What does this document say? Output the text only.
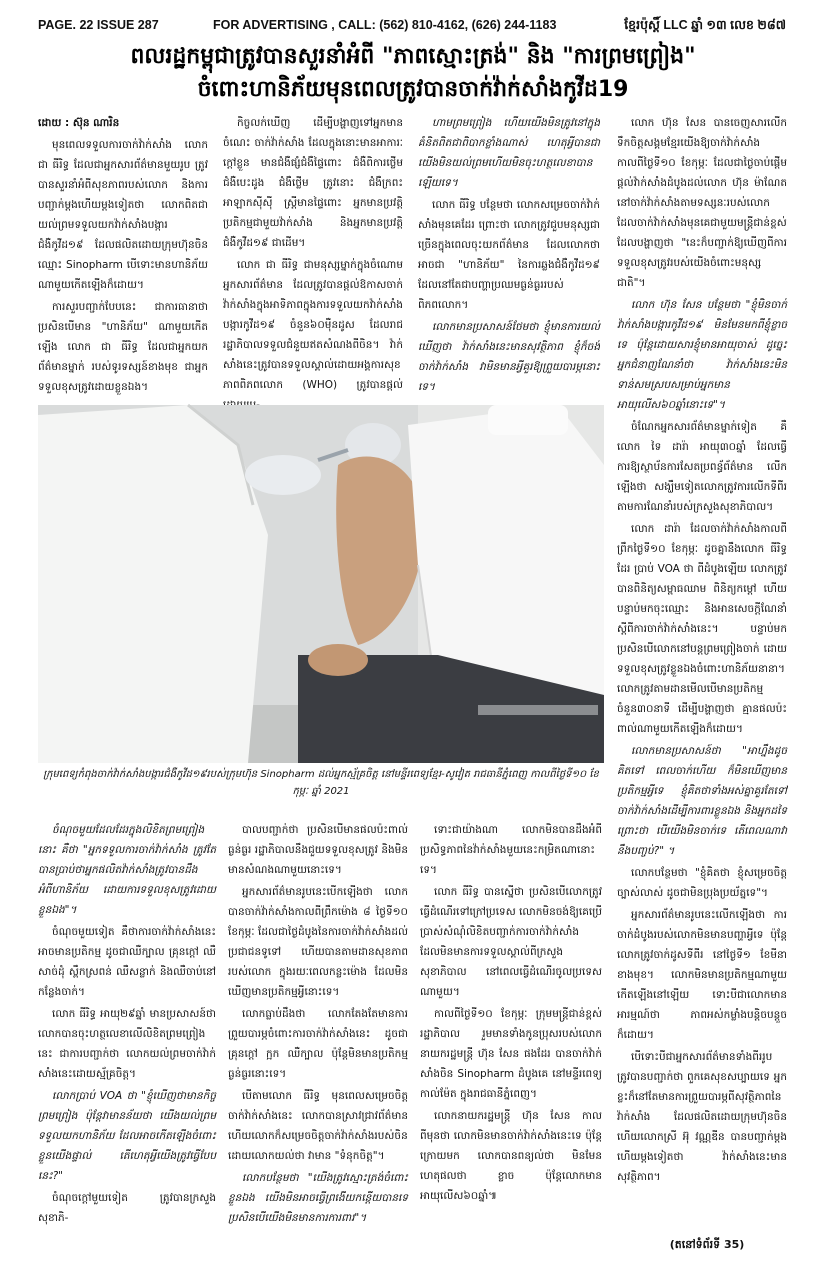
PAGE. 22 ISSUE 287	FOR ADVERTISING , CALL: (562) 810-4162, (626) 244-1183	ខ្មែរប៉ុស្ដិ៍ LLC ឆ្នាំ ១៣ លេខ ២៨៧
ពលរដ្ឋកម្ពុជាត្រូវបានសួរនាំអំពី "ភាពស្មោះត្រង់" និង "ការព្រមព្រៀង"
ចំពោះហានិភ័យមុនពេលត្រូវបានចាក់វ៉ាក់សាំងកូវីដ19

ដោយ : ស៊ុន ណារិន

មុនពេលទទួលការចាក់វ៉ាក់សាំង លោក ជា ធីរិទ្ធ ដែលជាអ្នកសារព័ត៌មានមួយរូប ត្រូវបានសួរនាំអំពីសុខភាពរបស់លោក និងការបញ្ជាក់ម្តងហើយម្តងទៀតថា លោកពិតជាយល់ព្រមទទួលយកវ៉ាក់សាំងបង្ការជំងឺកូវីដ១៩ ដែលផលិតដោយក្រុមហ៊ុនចិនឈ្មោះ Sinopharm បើទោះមានហានិភ័យណាមួយកើតឡើងក៏ដោយ។

ការសួរបញ្ជាក់បែបនេះ ជាការធានាថា ប្រសិនបើមាន "ហានិភ័យ" ណាមួយកើតឡើង លោក ជា ធីរិទ្ធ ដែលជាអ្នកយកព័ត៌មានម្នាក់ របស់ទូរទស្សន៍ខាងមុខ ជាអ្នកទទួលខុសត្រូវដោយខ្លួនឯង។

កិច្ចលក់ឃើញ ដើម្បីបង្ហាញទៅអ្នកមានចំណេះ ចាក់វ៉ាក់សាំង ដែលក្នុងនោះមានអាការៈក្តៅខ្លួន មានជំងឺផ្សំជំងឺផ្ទៃពោះ ជំងឺពិការថ្លើម ជំងឺបេះដូង ជំងឺថ្លើម ត្រូវនោះ ជំងឺក្រពះ អាឡាកសុីស៊ី ស្ត្រីមានផ្ទៃពោះ អ្នកមានប្រវត្តិប្រតិកម្មជាមួយវ៉ាក់សាំង និងអ្នកមានប្រវត្តិជំងឺកូវីដ១៩ ជាដើម។

លោក ជា ធីរិទ្ធ ជាមនុស្សម្នាក់ក្នុងចំណោមអ្នកសារព័ត៌មាន ដែលត្រូវបានផ្តល់ឱកាសចាក់វ៉ាក់សាំងក្នុងអាទិភាពក្នុងការទទួលយកវ៉ាក់សាំងបង្ការកូវីដ១៩ ចំនួន៦០ម៉ឺនដូស ដែលរាជរដ្ឋាភិបាលទទួលជំនួយឥតសំណងពីចិន។ វ៉ាក់សាំងនេះត្រូវបានទទួលស្គាល់ដោយអង្គការសុខភាពពិភពលោក (WHO) ត្រូវបានផ្តល់

ហាមព្រមព្រៀង ហើយយើងមិនត្រូវនៅក្នុងគំនិតពិតជាពិបាកខ្លាំងណាស់ ហេតុអ្វីបានជាយើងមិនយល់ព្រមហើយមិនចុះហត្ថលេខាបានឡើយទេ។

លោក ធីរិទ្ធ បន្ថែមថា លោកសម្រេចចាក់វ៉ាក់សាំងមុនគេដែរ ព្រោះថា លោកត្រូវជួបមនុស្សជាច្រើនក្នុងពេលចុះយកព័ត៌មាន ដែលលោកថា អាចជា "ហានិភ័យ" នៃការឆ្លងជំងឺកូវីដ១៩ ដែលនៅតែជាបញ្ហាប្រឈមធ្ងន់ធ្ងររបស់ពិភពលោក។

លោកមានប្រសាសន៍ថែមថា ខ្ញុំមានការយល់ឃើញថា វ៉ាក់សាំងនេះមានសុវត្ថិភាព ខ្ញុំក៏ចង់ចាក់វ៉ាក់សាំង វាមិនមានអ្វីគួរឱ្យព្រួយបារម្ភនោះទេ។

លោក ហ៊ុន សែន បានចេញសារលើកទឹកចិត្តសង្គមខ្មែរយើងឱ្យចាក់វ៉ាក់សាំង កាលពីថ្ងៃទី១០ ខែកុម្ភៈ ដែលជាថ្ងៃចាប់ផ្តើមផ្តល់វ៉ាក់សាំងដំបូងដល់លោក ហ៊ុន ម៉ាណែត នៅចាក់វ៉ាក់សាំងតាមទស្សនៈរបស់លោកដែលចាក់វ៉ាក់សាំងមុនគេជាមួយមន្ត្រីជាន់ខ្ពស់ ដែលបង្ហាញថា "នេះក៏បញ្ជាក់ឱ្យឃើញពីការទទួលខុសត្រូវរបស់យើងចំពោះមនុស្សជាតិ"។

លោក ហ៊ុន សែន បន្ថែមថា "ខ្ញុំមិនចាក់វ៉ាក់សាំងបង្ការកូវីដ១៩ មិនមែនមកពីខ្ញុំខ្លាចទេ ប៉ុន្តែដោយសារខ្ញុំមានអាយុចាស់ ដូច្នេះអ្នកជំនាញណែនាំថា វ៉ាក់សាំងនេះមិនទាន់សមស្របសម្រាប់អ្នកមានអាយុលើស៦០ឆ្នាំនោះទេ"។

ចំណែកអ្នកសារព័ត៌មានម្នាក់ទៀត គឺលោក ទៃ ដារ៉ា អាយុ៣០ឆ្នាំ ដែលធ្វើការឱ្យស្ថាប័នការសែតប្រពន្ធ័ព័ត៌មាន លើកឡើងថា សង្ឃឹមទៀតលោកត្រូវការលើកទីពីរ តាមការណែនាំរបស់ក្រសួងសុខាភិបាល។

លោក ដារ៉ា ដែលចាក់វ៉ាក់សាំងកាលពីព្រឹកថ្ងៃទី១០ ខែកុម្ភៈ ដូចគ្នានឹងលោក ធីរិទ្ធ ដែរ ប្រាប់ VOA ថា ពីដំបូងឡើយ លោកត្រូវបានពិនិត្យសម្ពាធឈាម ពិនិត្យកម្តៅ ហើយបន្ទាប់មកចុះឈ្មោះ និងអានសេចក្តីណែនាំស្តីពីការចាក់វ៉ាក់សាំងនេះ។ បន្ទាប់មកប្រសិនបើលោកនៅបន្តព្រមព្រៀងចាក់ ដោយទទួលខុសត្រូវខ្លួនឯងចំពោះហានិភ័យនានា។ លោកត្រូវតាមដានមើលបើមានប្រតិកម្មចំនួន៣០នាទី ដើម្បីបង្ហាញថា គ្មានផលប៉ះពាល់ណាមួយកើតឡើងក៏ដោយ។

លោកមានប្រសាសន៍ថា "អាហ្នឹងដូចគិតទៅ ពេលចាក់ហើយ ក៏មិនឃើញមានប្រតិកម្មអ្វីទេ ខ្ញុំគិតថាទាំងអស់គ្នាគួរតែទៅចាក់វ៉ាក់សាំងដើម្បីការពារខ្លួនឯង និងអ្នកដទៃ ព្រោះថា បើយើងមិនចាក់ទេ តើពេលណាវានឹងបញ្ចប់?" ។

លោកបន្ថែមថា "ខ្ញុំគិតថា ខ្ញុំសម្រេចចិត្តច្បាស់លាស់ ដូចជាមិនប្រុងប្រយ័ត្នទេ"។

អ្នកសារព័ត៌មានរូបនេះលើកឡើងថា ការចាក់ដំបូងរបស់លោកមិនមានបញ្ហាអ្វីទេ ប៉ុន្តែលោកត្រូវចាក់ដូសទីពីរ នៅថ្ងៃទី១ ខែមីនា ខាងមុខ។ លោកមិនមានប្រតិកម្មណាមួយកើតឡើងនៅឡើយ ទោះបីជាលោកមានអារម្មណ៍ថា ភាពអស់កម្លាំងបន្តិចបន្តួចក៏ដោយ។

បើទោះបីជាអ្នកសារព័ត៌មានទាំងពីររូប ត្រូវបានបញ្ជាក់ថា ពួកគេសុខសប្បាយទេ អ្នកខ្លះក៏នៅតែមានការព្រួយបារម្ភពីសុវត្ថិភាពនៃវ៉ាក់សាំង ដែលផលិតដោយក្រុមហ៊ុនចិន ហើយលោកស្រី អ៊ុ វណ្ណឌីន បានបញ្ជាក់ម្តងហើយម្តងទៀតថា វ៉ាក់សាំងនេះមានសុវត្ថិភាព។

ក្រុមពេទ្យកំពុងចាក់វ៉ាក់សាំងបង្ការជំងឺកូវីដ១៩របស់ក្រុមហ៊ុន Sinopharm ដល់អ្នកស្ម័គ្រចិត្ត នៅមន្ទីរពេទ្យខ្មែរ-សូវៀត រាជធានីភ្នំពេញ កាលពីថ្ងៃទី១០ ខែកុម្ភៈ ឆ្នាំ 2021

ចំណុចមួយដែលដែរក្នុងលិខិតព្រមព្រៀងនោះ គឺថា "អ្នកទទួលការចាក់វ៉ាក់សាំង ត្រូវតែបានប្រាប់ថាអ្នកផលិតវ៉ាក់សាំងត្រូវបានដឹងអំពីហានិភ័យ ដោយការទទួលខុសត្រូវដោយខ្លួនឯង"។

ចំណុចមួយទៀត គឺថាការចាក់វ៉ាក់សាំងនេះអាចមានប្រតិកម្ម ដូចជាឈឺក្បាល គ្រុនក្តៅ ឈឺសាច់ដុំ ស្ពឹកស្រពន់ ឈឺសន្លាក់ និងឈឺចាប់នៅកន្លែងចាក់។

លោក ធីរិទ្ធ អាយុ២៩ឆ្នាំ មានប្រសាសន៍ថា លោកបានចុះហត្ថលេខាលើលិខិតព្រមព្រៀងនេះ ជាការបញ្ជាក់ថា លោកយល់ព្រមចាក់វ៉ាក់សាំងនេះដោយស្ម័គ្រចិត្ត។

លោកប្រាប់ VOA ថា "ខ្ញុំឃើញថាមានកិច្ចព្រមព្រៀង ប៉ុន្តែវាមានន័យថា យើងយល់ព្រមទទួលយកហានិភ័យ ដែលអាចកើតឡើងចំពោះខ្លួនយើងផ្ទាល់ តើហេតុអ្វីយើងត្រូវធ្វើបែបនេះ?"

ចំណុចក្តៅមួយទៀត ត្រូវបានក្រសួងសុខាភិ-

បាលបញ្ជាក់ថា ប្រសិនបើមានផលប៉ះពាល់ធ្ងន់ធ្ងរ រដ្ឋាភិបាលនឹងជួយទទួលខុសត្រូវ និងមិនមានសំណងណាមួយនោះទេ។

អ្នកសារព័ត៌មានរូបនេះបើកឡើងថា លោកបានចាក់វ៉ាក់សាំងកាលពីព្រឹកម៉ោង ៨ ថ្ងៃទី១០ ខែកុម្ភៈ ដែលជាថ្ងៃដំបូងនៃការចាក់វ៉ាក់សាំងដល់ប្រជាជនទូទៅ ហើយបានតាមដានសុខភាពរបស់លោក ក្នុងរយៈពេលកន្លះម៉ោង ដែលមិនឃើញមានប្រតិកម្មអ្វីនោះទេ។

លោកធ្លាប់ដឹងថា លោកតែងតែមានការព្រួយបារម្ភចំពោះការចាក់វ៉ាក់សាំងនេះ ដូចជាគ្រុនក្តៅ ក្អក ឈឺក្បាល ប៉ុន្តែមិនមានប្រតិកម្មធ្ងន់ធ្ងរនោះទេ។

បើតាមលោក ធីរិទ្ធ មុនពេលសម្រេចចិត្តចាក់វ៉ាក់សាំងនេះ លោកបានស្រាវជ្រាវព័ត៌មាន ហើយលោកក៏សម្រេចចិត្តចាក់វ៉ាក់សាំងរបស់ចិន ដោយលោកយល់ថា វាមាន "ទំនុកចិត្ត"។

លោកបន្ថែមថា "យើងត្រូវស្មោះត្រង់ចំពោះខ្លួនឯង យើងមិនអាចធ្វើព្រងើយកន្តើយបានទេ ប្រសិនបើយើងមិនមានការការពារ"។

ទោះជាយ៉ាងណា លោកមិនបានដឹងអំពីប្រសិទ្ធភាពនៃវ៉ាក់សាំងមួយនេះកម្រិតណានោះទេ។

លោក ធីរិទ្ធ បានស្នើថា ប្រសិនបើលោកត្រូវធ្វើដំណើរទៅក្រៅប្រទេស លោកមិនចង់ឱ្យគេប្រើប្រាស់សំណុំលិខិតបញ្ជាក់ការចាក់វ៉ាក់សាំង ដែលមិនមានការទទួលស្គាល់ពីក្រសួងសុខាភិបាល នៅពេលធ្វើដំណើរចូលប្រទេសណាមួយ។

កាលពីថ្ងៃទី១០ ខែកុម្ភៈ ក្រុមមន្ត្រីជាន់ខ្ពស់រដ្ឋាភិបាល រួមមានទាំងកូនប្រុសរបស់លោក នាយករដ្ឋមន្ត្រី ហ៊ុន សែន ផងដែរ បានចាក់វ៉ាក់សាំងចិន Sinopharm ដំបូងគេ នៅមន្ទីរពេទ្យកាល់ម៉ែត ក្នុងរាជធានីភ្នំពេញ។

លោកនាយករដ្ឋមន្ត្រី ហ៊ុន សែន កាលពីមុនថា លោកមិនមានចាក់វ៉ាក់សាំងនេះទេ ប៉ុន្តែក្រោយមក លោកបានពន្យល់ថា មិនមែនហេតុផលថា ខ្លាច ប៉ុន្តែលោកមានអាយុលើស៦០ឆ្នាំ៕

(តនៅទំព័រទី 35)
